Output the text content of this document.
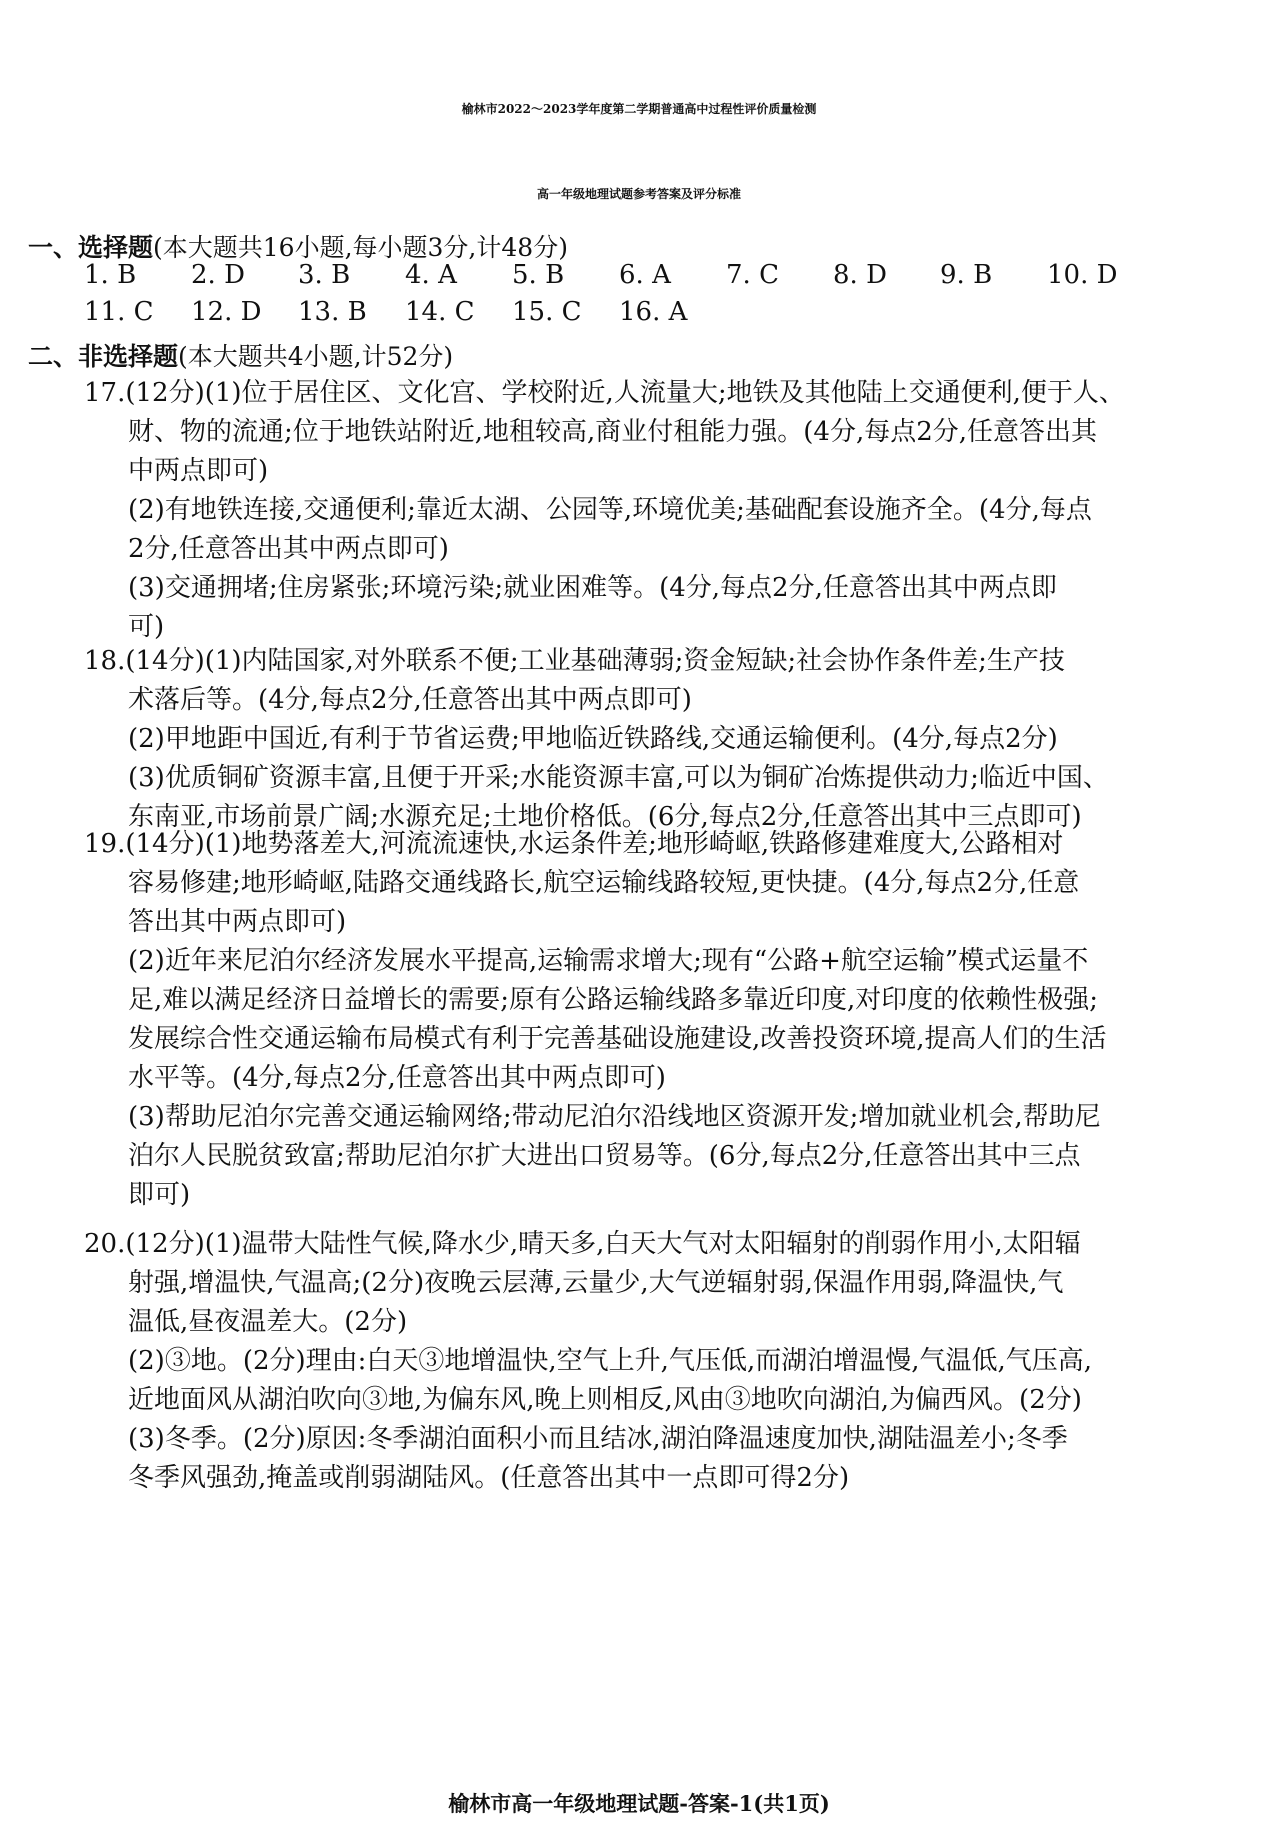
榆林市2022～2023学年度第二学期普通高中过程性评价质量检测
高一年级地理试题参考答案及评分标准
一、选择题(本大题共16小题,每小题3分,计48分)
1. B 2. D 3. B 4. A 5. B 6. A 7. C 8. D 9. B 10. D
11. C 12. D 13. B 14. C 15. C 16. A
二、非选择题(本大题共4小题,计52分)
17.(12分)(1)位于居住区、文化宫、学校附近,人流量大;地铁及其他陆上交通便利,便于人、
财、物的流通;位于地铁站附近,地租较高,商业付租能力强。(4分,每点2分,任意答出其
中两点即可)
(2)有地铁连接,交通便利;靠近太湖、公园等,环境优美;基础配套设施齐全。(4分,每点
2分,任意答出其中两点即可)
(3)交通拥堵;住房紧张;环境污染;就业困难等。(4分,每点2分,任意答出其中两点即
可)
18.(14分)(1)内陆国家,对外联系不便;工业基础薄弱;资金短缺;社会协作条件差;生产技
术落后等。(4分,每点2分,任意答出其中两点即可)
(2)甲地距中国近,有利于节省运费;甲地临近铁路线,交通运输便利。(4分,每点2分)
(3)优质铜矿资源丰富,且便于开采;水能资源丰富,可以为铜矿冶炼提供动力;临近中国、
东南亚,市场前景广阔;水源充足;土地价格低。(6分,每点2分,任意答出其中三点即可)
19.(14分)(1)地势落差大,河流流速快,水运条件差;地形崎岖,铁路修建难度大,公路相对
容易修建;地形崎岖,陆路交通线路长,航空运输线路较短,更快捷。(4分,每点2分,任意
答出其中两点即可)
(2)近年来尼泊尔经济发展水平提高,运输需求增大;现有“公路+航空运输”模式运量不
足,难以满足经济日益增长的需要;原有公路运输线路多靠近印度,对印度的依赖性极强;
发展综合性交通运输布局模式有利于完善基础设施建设,改善投资环境,提高人们的生活
水平等。(4分,每点2分,任意答出其中两点即可)
(3)帮助尼泊尔完善交通运输网络;带动尼泊尔沿线地区资源开发;增加就业机会,帮助尼
泊尔人民脱贫致富;帮助尼泊尔扩大进出口贸易等。(6分,每点2分,任意答出其中三点
即可)
20.(12分)(1)温带大陆性气候,降水少,晴天多,白天大气对太阳辐射的削弱作用小,太阳辐
射强,增温快,气温高;(2分)夜晚云层薄,云量少,大气逆辐射弱,保温作用弱,降温快,气
温低,昼夜温差大。(2分)
(2)③地。(2分)理由:白天③地增温快,空气上升,气压低,而湖泊增温慢,气温低,气压高,
近地面风从湖泊吹向③地,为偏东风,晚上则相反,风由③地吹向湖泊,为偏西风。(2分)
(3)冬季。(2分)原因:冬季湖泊面积小而且结冰,湖泊降温速度加快,湖陆温差小;冬季
冬季风强劲,掩盖或削弱湖陆风。(任意答出其中一点即可得2分)
榆林市高一年级地理试题-答案-1(共1页)
